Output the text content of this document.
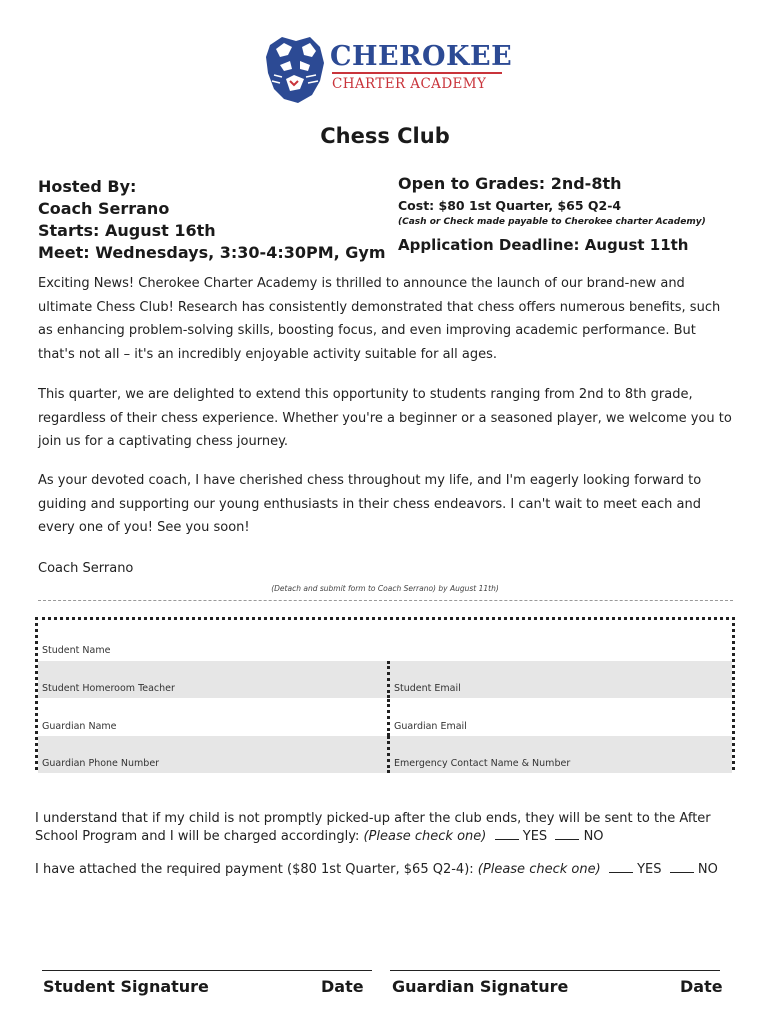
CHEROKEE
CHARTER ACADEMY
Chess Club
Hosted By:
Coach Serrano
Starts: August 16th
Meet: Wednesdays, 3:30-4:30PM, Gym
Open to Grades: 2nd-8th
Cost: $80 1st Quarter, $65 Q2-4
(Cash or Check made payable to Cherokee charter Academy)
Application Deadline: August 11th
Exciting News! Cherokee Charter Academy is thrilled to announce the launch of our brand-new and ultimate Chess Club! Research has consistently demonstrated that chess offers numerous benefits, such as enhancing problem-solving skills, boosting focus, and even improving academic performance. But that's not all – it's an incredibly enjoyable activity suitable for all ages.
This quarter, we are delighted to extend this opportunity to students ranging from 2nd to 8th grade, regardless of their chess experience. Whether you're a beginner or a seasoned player, we welcome you to join us for a captivating chess journey.
As your devoted coach, I have cherished chess throughout my life, and I'm eagerly looking forward to guiding and supporting our young enthusiasts in their chess endeavors. I can't wait to meet each and every one of you! See you soon!
Coach Serrano
(Detach and submit form to Coach Serrano) by August 11th)
Student Name
Student Homeroom Teacher	Student Email
Guardian Name	Guardian Email
Guardian Phone Number	Emergency Contact Name & Number
I understand that if my child is not promptly picked-up after the club ends, they will be sent to the After School Program and I will be charged accordingly: (Please check one)	YES	NO
I have attached the required payment ($80 1st Quarter, $65 Q2-4): (Please check one)	YES	NO
Student Signature	Date Guardian Signature	Date
